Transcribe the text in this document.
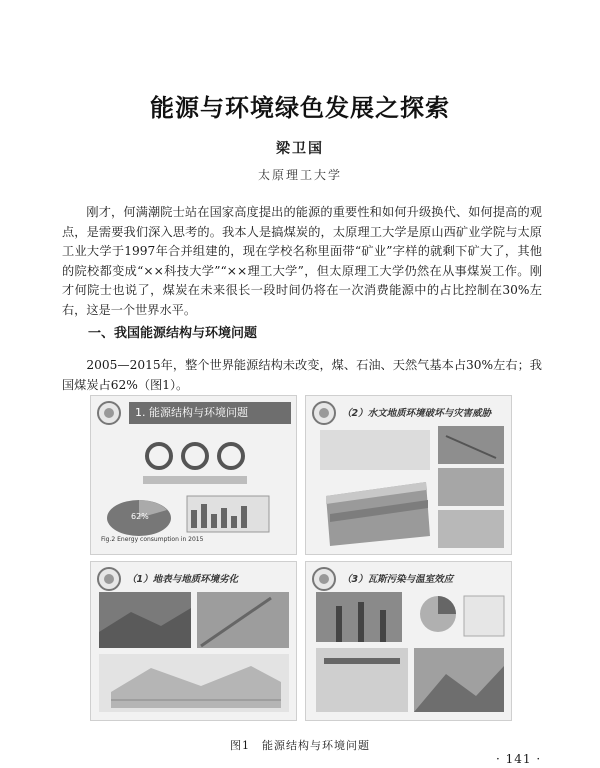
能源与环境绿色发展之探索
梁卫国
太原理工大学

刚才，何满潮院士站在国家高度提出的能源的重要性和如何升级换代、如何提高的观点，是需要我们深入思考的。我本人是搞煤炭的，太原理工大学是原山西矿业学院与太原工业大学于1997年合并组建的，现在学校名称里面带“矿业”字样的就剩下矿大了，其他的院校都变成“××科技大学”“××理工大学”，但太原理工大学仍然在从事煤炭工作。刚才何院士也说了，煤炭在未来很长一段时间仍将在一次消费能源中的占比控制在30%左右，这是一个世界水平。

一、我国能源结构与环境问题

2005—2015年，整个世界能源结构未改变，煤、石油、天然气基本占30%左右；我国煤炭占62%（图1）。

1. 能源结构与环境问题
62%
Fig.2 Energy consumption in 2015
（2）水文地质环境破坏与灾害威胁
（1）地表与地质环境劣化	（3）瓦斯污染与温室效应
图1　能源结构与环境问题
· 141 ·
